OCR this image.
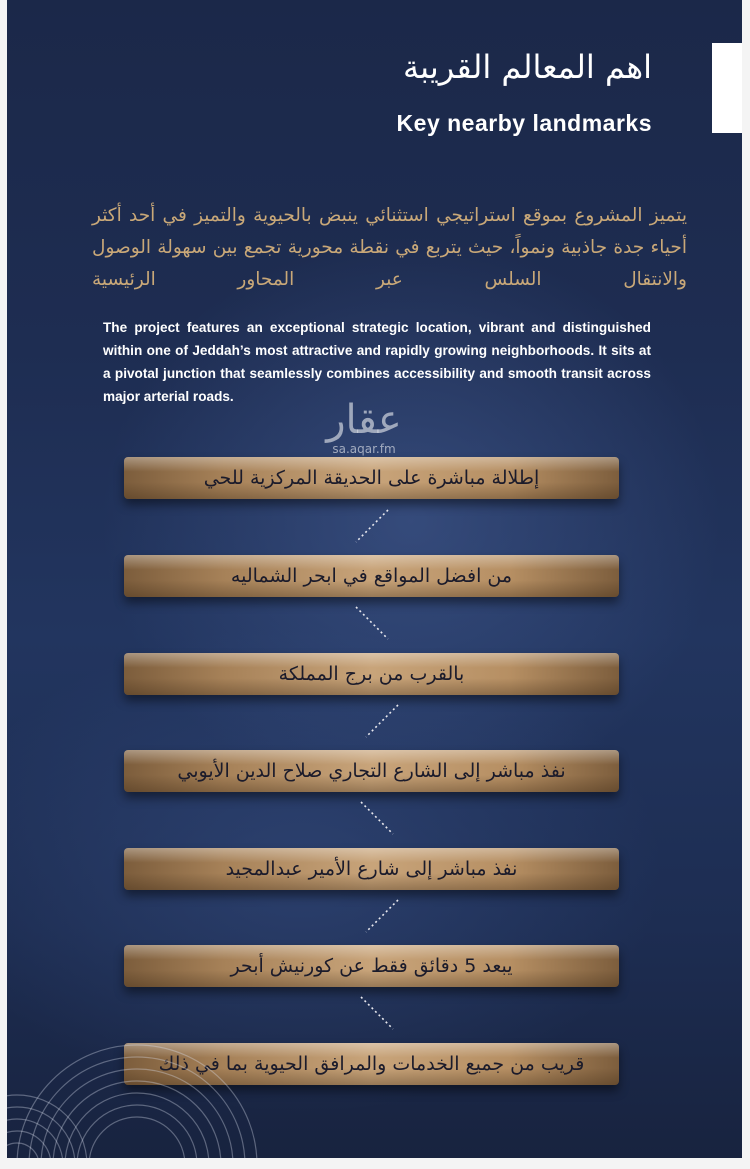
اهم المعالم القريبة
Key nearby landmarks
يتميز المشروع بموقع استراتيجي استثنائي ينبض بالحيوية والتميز في أحد أكثر أحياء جدة جاذبية ونمواً، حيث يتربع في نقطة محورية تجمع بين سهولة الوصول والانتقال السلس عبر المحاور الرئيسية
The project features an exceptional strategic location, vibrant and distinguished within one of Jeddah’s most attractive and rapidly growing neighborhoods. It sits at a pivotal junction that seamlessly combines accessibility and smooth transit across major arterial roads.
عقار
sa.aqar.fm
إطلالة مباشرة على الحديقة المركزية للحي
من افضل المواقع في ابحر الشماليه
بالقرب من برج المملكة
نفذ مباشر إلى الشارع التجاري صلاح الدين الأيوبي
نفذ مباشر إلى شارع الأمير عبدالمجيد
يبعد 5 دقائق فقط عن كورنيش أبحر
قريب من جميع الخدمات والمرافق الحيوية بما في ذلك
